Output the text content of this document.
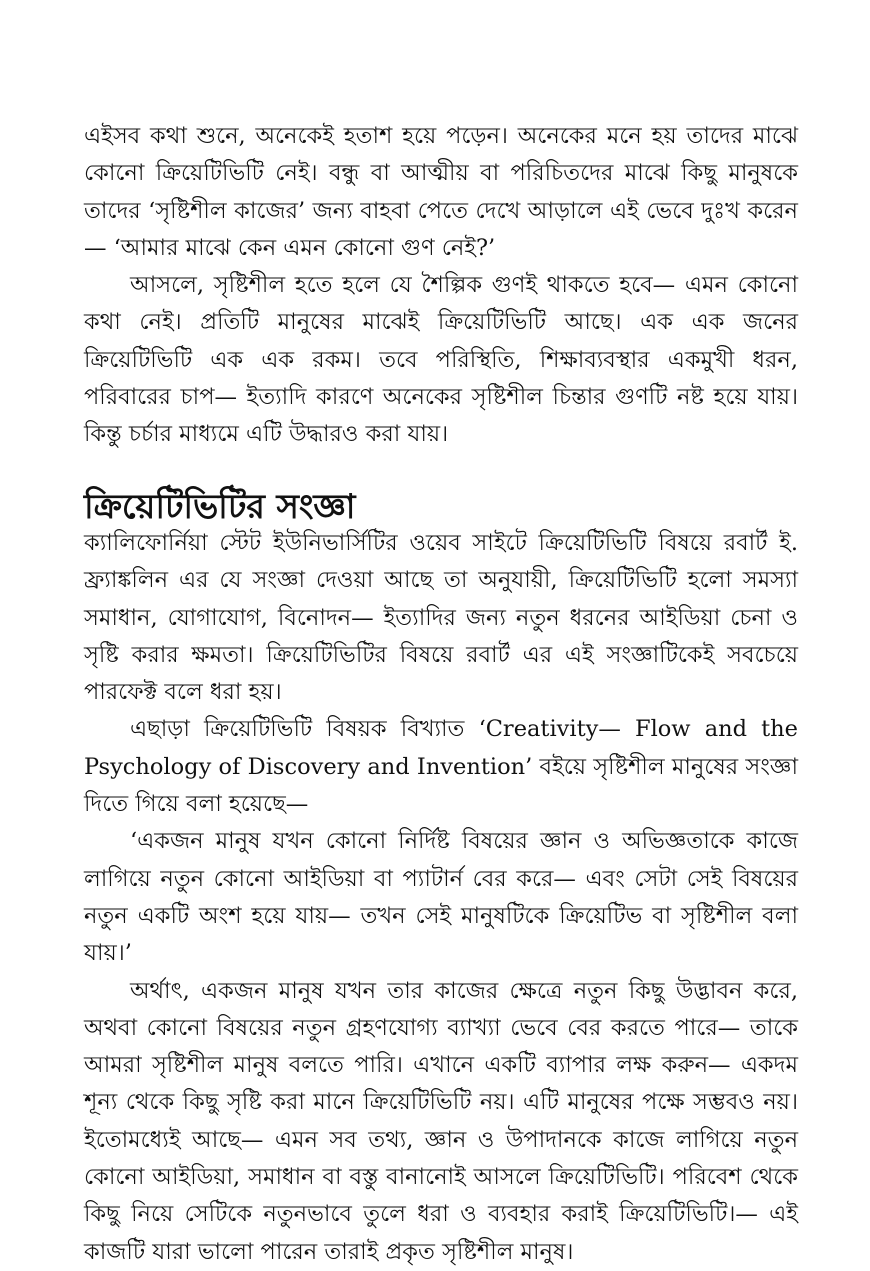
এইসব কথা শুনে, অনেকেই হতাশ হয়ে পড়েন। অনেকের মনে হয় তাদের মাঝে কোনো ক্রিয়েটিভিটি নেই। বন্ধু বা আত্মীয় বা পরিচিতদের মাঝে কিছু মানুষকে তাদের ‘সৃষ্টিশীল কাজের’ জন্য বাহবা পেতে দেখে আড়ালে এই ভেবে দুঃখ করেন— ‘আমার মাঝে কেন এমন কোনো গুণ নেই?’

আসলে, সৃষ্টিশীল হতে হলে যে শৈল্পিক গুণই থাকতে হবে— এমন কোনো কথা নেই। প্রতিটি মানুষের মাঝেই ক্রিয়েটিভিটি আছে। এক এক জনের ক্রিয়েটিভিটি এক এক রকম। তবে পরিস্থিতি, শিক্ষাব্যবস্থার একমুখী ধরন, পরিবারের চাপ— ইত্যাদি কারণে অনেকের সৃষ্টিশীল চিন্তার গুণটি নষ্ট হয়ে যায়। কিন্তু চর্চার মাধ্যমে এটি উদ্ধারও করা যায়।

ক্রিয়েটিভিটির সংজ্ঞা

ক্যালিফোর্নিয়া স্টেট ইউনিভার্সিটির ওয়েব সাইটে ক্রিয়েটিভিটি বিষয়ে রবার্ট ই. ফ্র্যাঙ্কলিন এর যে সংজ্ঞা দেওয়া আছে তা অনুযায়ী, ক্রিয়েটিভিটি হলো সমস্যা সমাধান, যোগাযোগ, বিনোদন— ইত্যাদির জন্য নতুন ধরনের আইডিয়া চেনা ও সৃষ্টি করার ক্ষমতা। ক্রিয়েটিভিটির বিষয়ে রবার্ট এর এই সংজ্ঞাটিকেই সবচেয়ে পারফেক্ট বলে ধরা হয়।

এছাড়া ক্রিয়েটিভিটি বিষয়ক বিখ্যাত ‘Creativity— Flow and the Psychology of Discovery and Invention’ বইয়ে সৃষ্টিশীল মানুষের সংজ্ঞা দিতে গিয়ে বলা হয়েছে—

‘একজন মানুষ যখন কোনো নির্দিষ্ট বিষয়ের জ্ঞান ও অভিজ্ঞতাকে কাজে লাগিয়ে নতুন কোনো আইডিয়া বা প্যাটার্ন বের করে— এবং সেটা সেই বিষয়ের নতুন একটি অংশ হয়ে যায়— তখন সেই মানুষটিকে ক্রিয়েটিভ বা সৃষ্টিশীল বলা যায়।’

অর্থাৎ, একজন মানুষ যখন তার কাজের ক্ষেত্রে নতুন কিছু উদ্ভাবন করে, অথবা কোনো বিষয়ের নতুন গ্রহণযোগ্য ব্যাখ্যা ভেবে বের করতে পারে— তাকে আমরা সৃষ্টিশীল মানুষ বলতে পারি। এখানে একটি ব্যাপার লক্ষ করুন— একদম শূন্য থেকে কিছু সৃষ্টি করা মানে ক্রিয়েটিভিটি নয়। এটি মানুষের পক্ষে সম্ভবও নয়। ইতোমধ্যেই আছে— এমন সব তথ্য, জ্ঞান ও উপাদানকে কাজে লাগিয়ে নতুন কোনো আইডিয়া, সমাধান বা বস্তু বানানোই আসলে ক্রিয়েটিভিটি। পরিবেশ থেকে কিছু নিয়ে সেটিকে নতুনভাবে তুলে ধরা ও ব্যবহার করাই ক্রিয়েটিভিটি।— এই কাজটি যারা ভালো পারেন তারাই প্রকৃত সৃষ্টিশীল মানুষ।
